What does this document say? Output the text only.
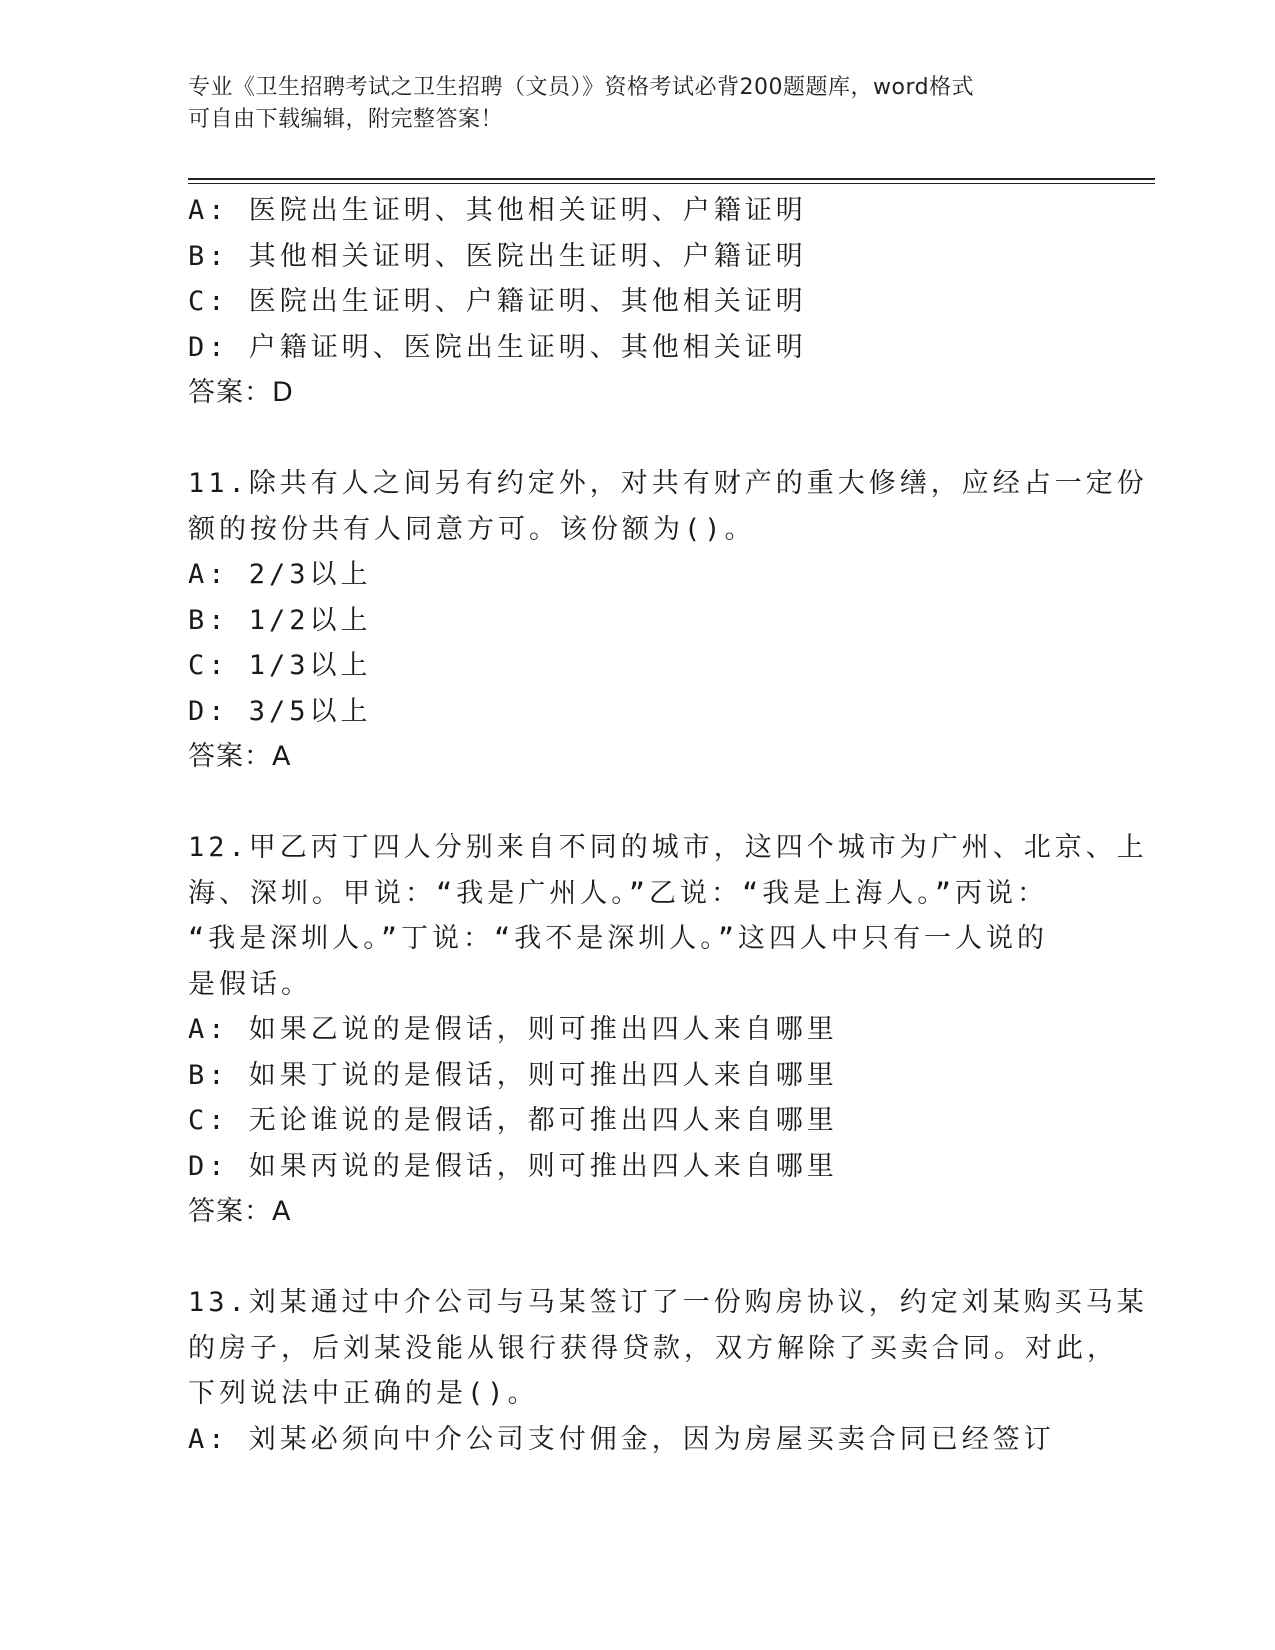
专业《卫生招聘考试之卫生招聘（文员）》资格考试必背200题题库，word格式
可自由下载编辑，附完整答案！

A: 医院出生证明、其他相关证明、户籍证明

B: 其他相关证明、医院出生证明、户籍证明

C: 医院出生证明、户籍证明、其他相关证明

D: 户籍证明、医院出生证明、其他相关证明

答案：D

11.除共有人之间另有约定外，对共有财产的重大修缮，应经占一定份

额的按份共有人同意方可。该份额为()。

A: 2/3以上

B: 1/2以上

C: 1/3以上

D: 3/5以上

答案：A

12.甲乙丙丁四人分别来自不同的城市，这四个城市为广州、北京、上

海、深圳。甲说：“我是广州人。”乙说：“我是上海人。”丙说：

“我是深圳人。”丁说：“我不是深圳人。”这四人中只有一人说的

是假话。

A: 如果乙说的是假话，则可推出四人来自哪里

B: 如果丁说的是假话，则可推出四人来自哪里

C: 无论谁说的是假话，都可推出四人来自哪里

D: 如果丙说的是假话，则可推出四人来自哪里

答案：A

13.刘某通过中介公司与马某签订了一份购房协议，约定刘某购买马某

的房子，后刘某没能从银行获得贷款，双方解除了买卖合同。对此，

下列说法中正确的是()。

A: 刘某必须向中介公司支付佣金，因为房屋买卖合同已经签订
